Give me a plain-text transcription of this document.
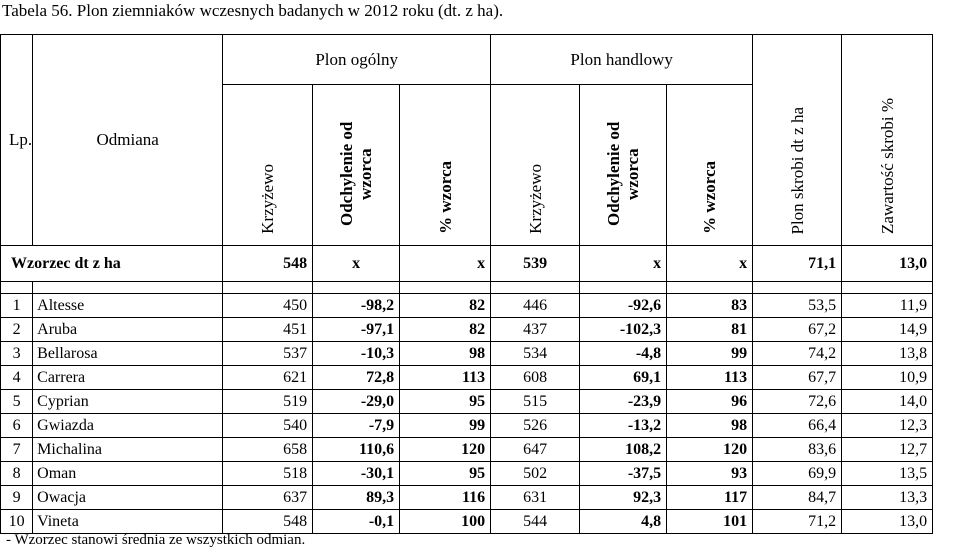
Tabela 56. Plon ziemniaków wczesnych badanych w 2012 roku (dt. z ha).
Lp.	Odmiana	Plon ogólny			Plon handlowy			Plon skrobi dt z ha	Zawartość skrobi %
		Krzyżewo	Odchylenie od wzorca	% wzorca	Krzyżewo	Odchylenie od wzorca	% wzorca		
Wzorzec dt z ha		548	x	x	539	x	x	71,1	13,0

1	Altesse	450	-98,2	82	446	-92,6	83	53,5	11,9
2	Aruba	451	-97,1	82	437	-102,3	81	67,2	14,9
3	Bellarosa	537	-10,3	98	534	-4,8	99	74,2	13,8
4	Carrera	621	72,8	113	608	69,1	113	67,7	10,9
5	Cyprian	519	-29,0	95	515	-23,9	96	72,6	14,0
6	Gwiazda	540	-7,9	99	526	-13,2	98	66,4	12,3
7	Michalina	658	110,6	120	647	108,2	120	83,6	12,7
8	Oman	518	-30,1	95	502	-37,5	93	69,9	13,5
9	Owacja	637	89,3	116	631	92,3	117	84,7	13,3
10	Vineta	548	-0,1	100	544	4,8	101	71,2	13,0
- Wzorzec stanowi średnia ze wszystkich odmian.
